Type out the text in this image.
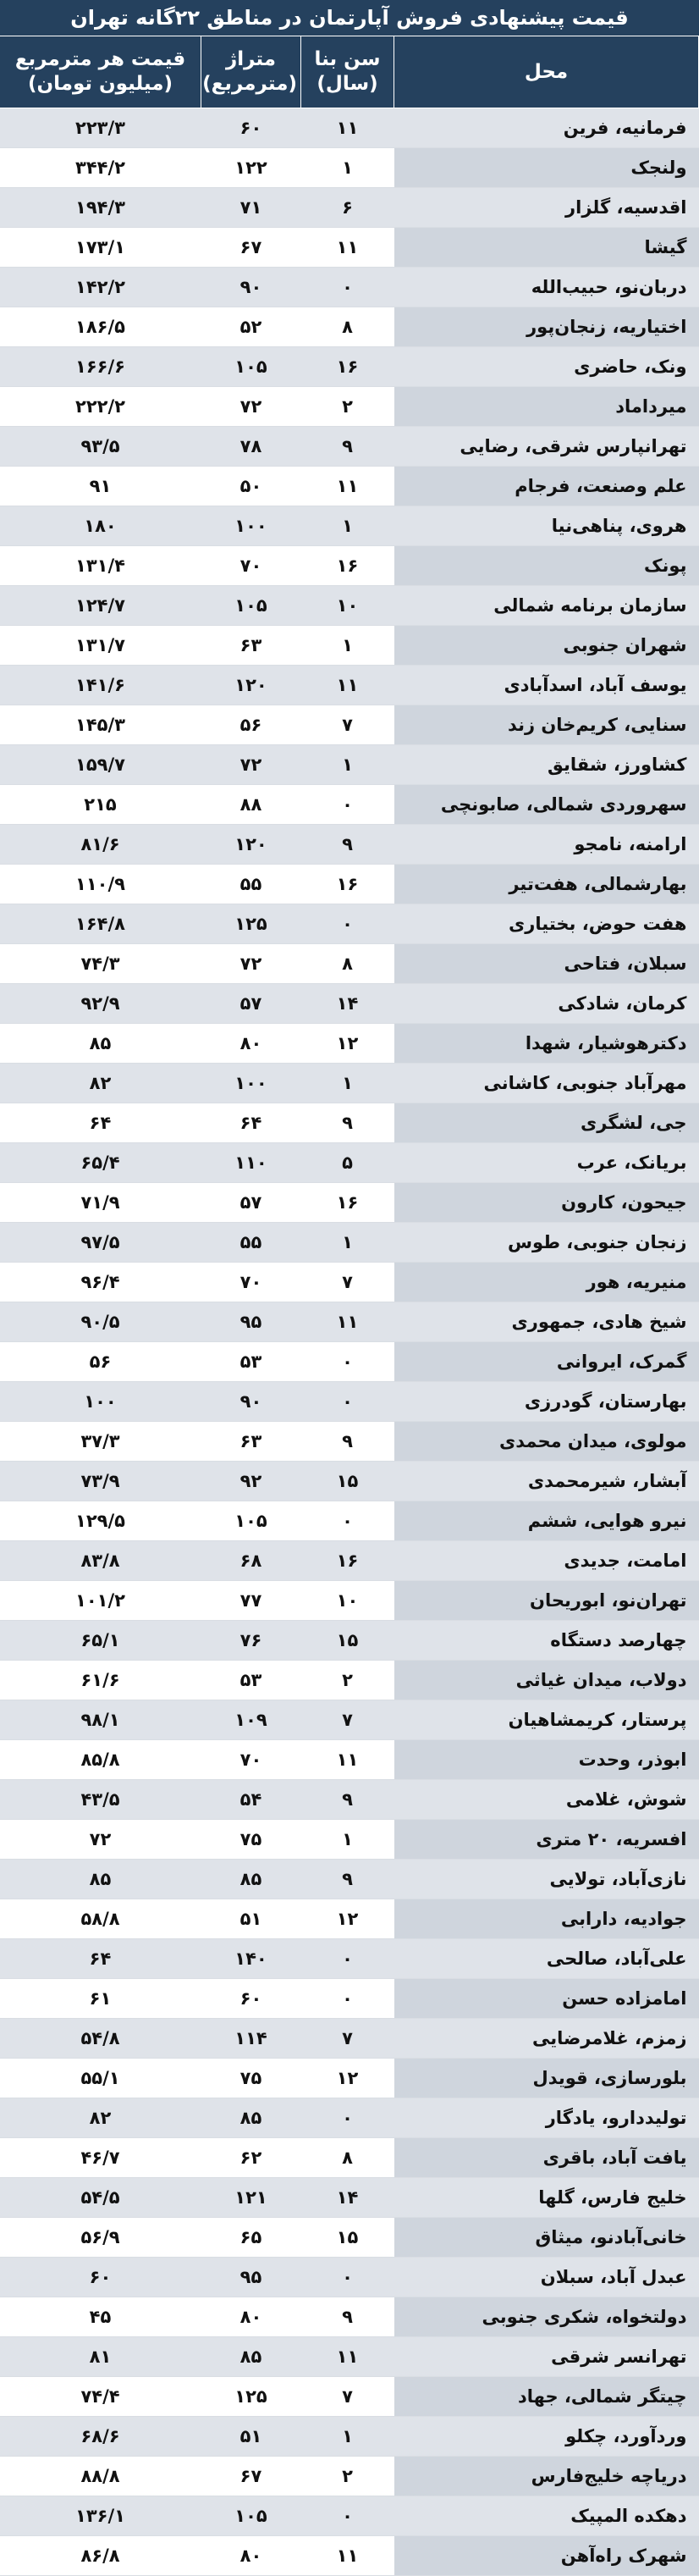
قیمت پیشنهادی فروش آپارتمان در مناطق ۲۲گانه تهران
محل	سن بنا (سال)	متراژ (مترمربع)	قیمت هر مترمربع (میلیون تومان)
فرمانیه، فرین	۱۱	۶۰	۲۲۳/۳
ولنجک	۱	۱۲۲	۳۴۴/۲
اقدسیه، گلزار	۶	۷۱	۱۹۴/۳
گیشا	۱۱	۶۷	۱۷۳/۱
دربان‌نو، حبیب‌الله	۰	۹۰	۱۴۲/۲
اختیاریه، زنجان‌پور	۸	۵۲	۱۸۶/۵
ونک، حاضری	۱۶	۱۰۵	۱۶۶/۶
میرداماد	۲	۷۲	۲۲۲/۲
تهرانپارس شرقی، رضایی	۹	۷۸	۹۳/۵
علم وصنعت، فرجام	۱۱	۵۰	۹۱
هروی، پناهی‌نیا	۱	۱۰۰	۱۸۰
پونک	۱۶	۷۰	۱۳۱/۴
سازمان برنامه شمالی	۱۰	۱۰۵	۱۲۴/۷
شهران جنوبی	۱	۶۳	۱۳۱/۷
یوسف آباد، اسدآبادی	۱۱	۱۲۰	۱۴۱/۶
سنایی، کریم‌خان زند	۷	۵۶	۱۴۵/۳
کشاورز، شقایق	۱	۷۲	۱۵۹/۷
سهروردی شمالی، صابونچی	۰	۸۸	۲۱۵
ارامنه، نامجو	۹	۱۲۰	۸۱/۶
بهارشمالی، هفت‌تیر	۱۶	۵۵	۱۱۰/۹
هفت حوض، بختیاری	۰	۱۲۵	۱۶۴/۸
سبلان، فتاحی	۸	۷۲	۷۴/۳
کرمان، شادکی	۱۴	۵۷	۹۲/۹
دکترهوشیار، شهدا	۱۲	۸۰	۸۵
مهرآباد جنوبی، کاشانی	۱	۱۰۰	۸۲
جی، لشگری	۹	۶۴	۶۴
بریانک، عرب	۵	۱۱۰	۶۵/۴
جیحون، کارون	۱۶	۵۷	۷۱/۹
زنجان جنوبی، طوس	۱	۵۵	۹۷/۵
منیریه، هور	۷	۷۰	۹۶/۴
شیخ هادی، جمهوری	۱۱	۹۵	۹۰/۵
گمرک، ایروانی	۰	۵۳	۵۶
بهارستان، گودرزی	۰	۹۰	۱۰۰
مولوی، میدان محمدی	۹	۶۳	۳۷/۳
آبشار، شیرمحمدی	۱۵	۹۲	۷۳/۹
نیرو هوایی، ششم	۰	۱۰۵	۱۲۹/۵
امامت، جدیدی	۱۶	۶۸	۸۳/۸
تهران‌نو، ابوریحان	۱۰	۷۷	۱۰۱/۲
چهارصد دستگاه	۱۵	۷۶	۶۵/۱
دولاب، میدان غیاثی	۲	۵۳	۶۱/۶
پرستار، کریمشاهیان	۷	۱۰۹	۹۸/۱
ابوذر، وحدت	۱۱	۷۰	۸۵/۸
شوش، غلامی	۹	۵۴	۴۳/۵
افسریه، ۲۰ متری	۱	۷۵	۷۲
نازی‌آباد، تولایی	۹	۸۵	۸۵
جوادیه، دارابی	۱۲	۵۱	۵۸/۸
علی‌آباد، صالحی	۰	۱۴۰	۶۴
امامزاده حسن	۰	۶۰	۶۱
زمزم، غلامرضایی	۷	۱۱۴	۵۴/۸
بلورسازی، قویدل	۱۲	۷۵	۵۵/۱
تولیددارو، یادگار	۰	۸۵	۸۲
یافت آباد، باقری	۸	۶۲	۴۶/۷
خلیج فارس، گلها	۱۴	۱۲۱	۵۴/۵
خانی‌آبادنو، میثاق	۱۵	۶۵	۵۶/۹
عبدل آباد، سبلان	۰	۹۵	۶۰
دولتخواه، شکری جنوبی	۹	۸۰	۴۵
تهرانسر شرقی	۱۱	۸۵	۸۱
چیتگر شمالی، جهاد	۷	۱۲۵	۷۴/۴
وردآورد، چکلو	۱	۵۱	۶۸/۶
دریاچه خلیج‌فارس	۲	۶۷	۸۸/۸
دهکده المپیک	۰	۱۰۵	۱۳۶/۱
شهرک راه‌آهن	۱۱	۸۰	۸۶/۸
